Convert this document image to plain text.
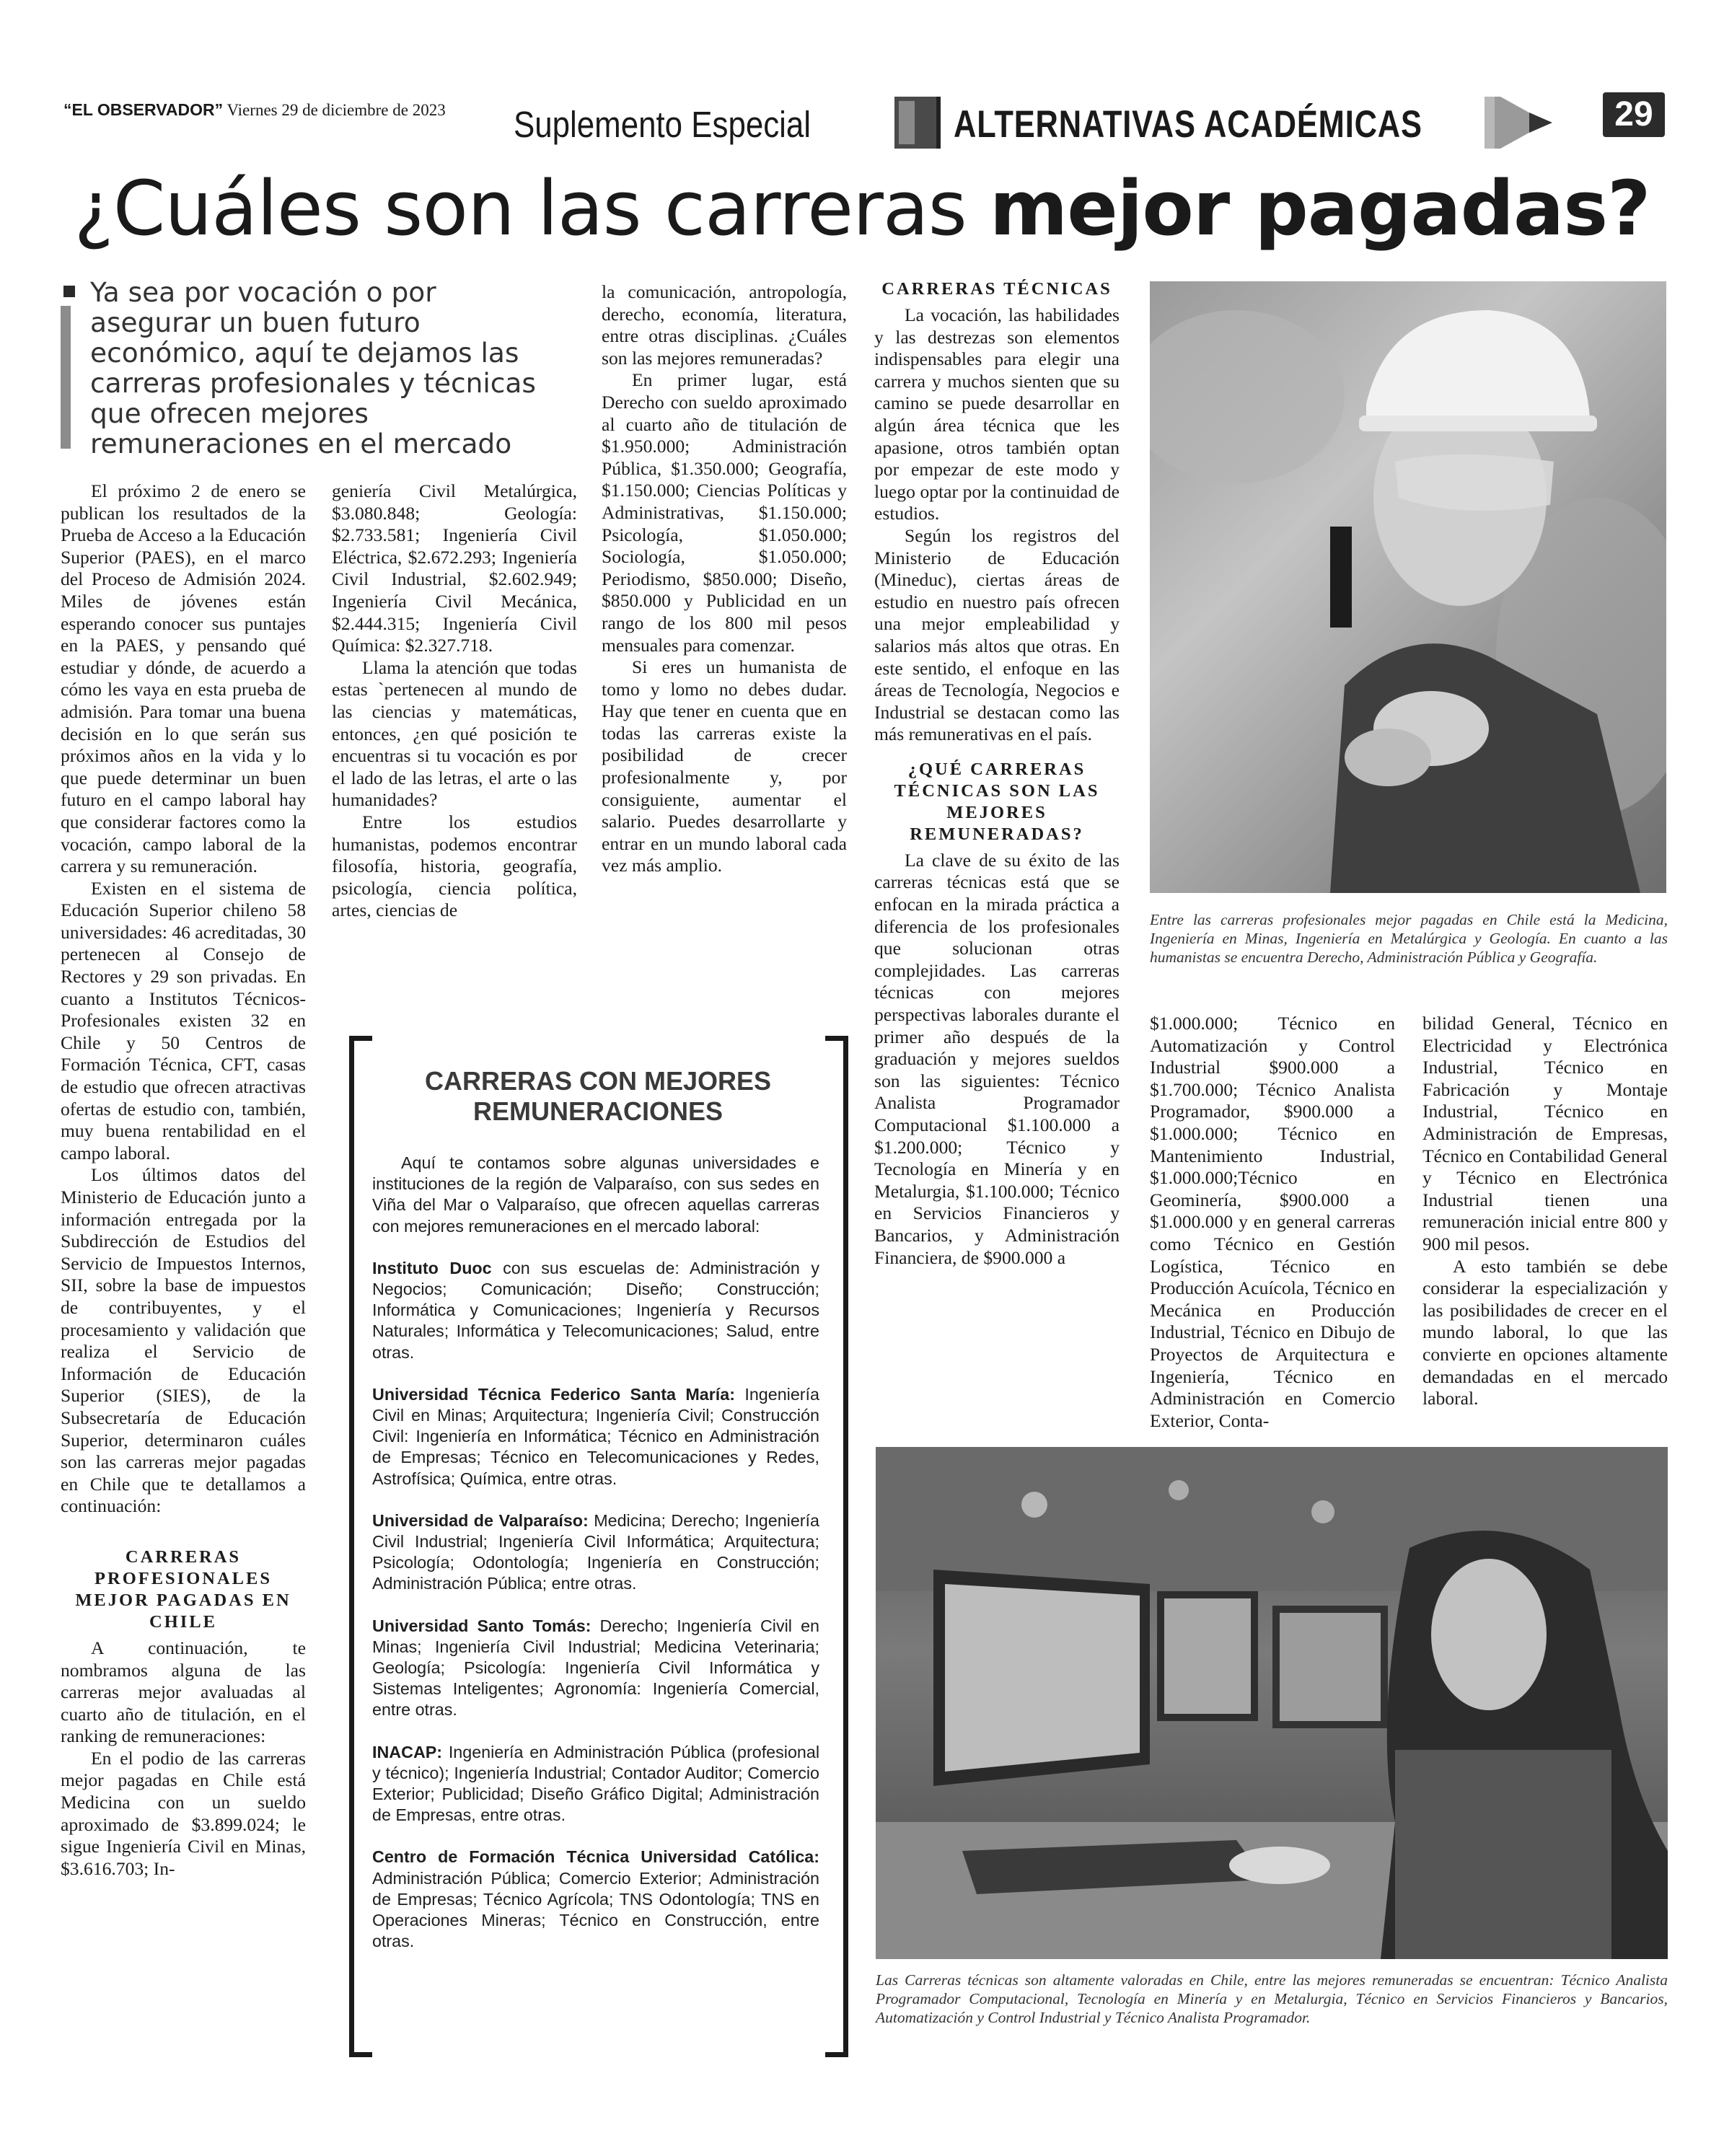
“EL OBSERVADOR” Viernes 29 de diciembre de 2023 Suplemento Especial	ALTERNATIVAS ACADÉMICAS	29
¿Cuáles son las carreras mejor pagadas?
Ya sea por vocación o por asegurar un buen futuro económico, aquí te dejamos las carreras profesionales y técnicas que ofrecen mejores remuneraciones en el mercado

El próximo 2 de enero se publican los resultados de la Prueba de Acceso a la Educación Superior (PAES), en el marco del Proceso de Admisión 2024. Miles de jóvenes están esperando conocer sus puntajes en la PAES, y pensando qué estudiar y dónde, de acuerdo a cómo les vaya en esta prueba de admisión. Para tomar una buena decisión en lo que serán sus próximos años en la vida y lo que puede determinar un buen futuro en el campo laboral hay que considerar factores como la vocación, campo laboral de la carrera y su remuneración.

Existen en el sistema de Educación Superior chileno 58 universidades: 46 acreditadas, 30 pertenecen al Consejo de Rectores y 29 son privadas. En cuanto a Institutos Técnicos- Profesionales existen 32 en Chile y 50 Centros de Formación Técnica, CFT, casas de estudio que ofrecen atractivas ofertas de estudio con, también, muy buena rentabilidad en el campo laboral.

Los últimos datos del Ministerio de Educación junto a información entregada por la Subdirección de Estudios del Servicio de Impuestos Internos, SII, sobre la base de impuestos de contribuyentes, y el procesamiento y validación que realiza el Servicio de Información de Educación Superior (SIES), de la Subsecretaría de Educación Superior, determinaron cuáles son las carreras mejor pagadas en Chile que te detallamos a continuación:

CARRERAS PROFESIONALES MEJOR PAGADAS EN CHILE

A continuación, te nombramos alguna de las carreras mejor avaluadas al cuarto año de titulación, en el ranking de remuneraciones:

En el podio de las carreras mejor pagadas en Chile está Medicina con un sueldo aproximado de $3.899.024; le sigue Ingeniería Civil en Minas, $3.616.703; In-

geniería Civil Metalúrgica, $3.080.848; Geología: $2.733.581; Ingeniería Civil Eléctrica, $2.672.293; Ingeniería Civil Industrial, $2.602.949; Ingeniería Civil Mecánica, $2.444.315; Ingeniería Civil Química: $2.327.718.

Llama la atención que todas estas `pertenecen al mundo de las ciencias y matemáticas, entonces, ¿en qué posición te encuentras si tu vocación es por el lado de las letras, el arte o las humanidades?

Entre los estudios humanistas, podemos encontrar filosofía, historia, geografía, psicología, ciencia política, artes, ciencias de

la comunicación, antropología, derecho, economía, literatura, entre otras disciplinas. ¿Cuáles son las mejores remuneradas?

En primer lugar, está Derecho con sueldo aproximado al cuarto año de titulación de $1.950.000; Administración Pública, $1.350.000; Geografía, $1.150.000; Ciencias Políticas y Administrativas, $1.150.000; Psicología, $1.050.000; Sociología, $1.050.000; Periodismo, $850.000; Diseño, $850.000 y Publicidad en un rango de los 800 mil pesos mensuales para comenzar.

Si eres un humanista de tomo y lomo no debes dudar. Hay que tener en cuenta que en todas las carreras existe la posibilidad de crecer profesionalmente y, por consiguiente, aumentar el salario. Puedes desarrollarte y entrar en un mundo laboral cada vez más amplio.

CARRERAS TÉCNICAS

La vocación, las habilidades y las destrezas son elementos indispensables para elegir una carrera y muchos sienten que su camino se puede desarrollar en algún área técnica que les apasione, otros también optan por empezar de este modo y luego optar por la continuidad de estudios.

Según los registros del Ministerio de Educación (Mineduc), ciertas áreas de estudio en nuestro país ofrecen una mejor empleabilidad y salarios más altos que otras. En este sentido, el enfoque en las áreas de Tecnología, Negocios e Industrial se destacan como las más remunerativas en el país.

¿QUÉ CARRERAS TÉCNICAS SON LAS MEJORES REMUNERADAS?

La clave de su éxito de las carreras técnicas está que se enfocan en la mirada práctica a diferencia de los profesionales que solucionan otras complejidades. Las carreras técnicas con mejores perspectivas laborales durante el primer año después de la graduación y mejores sueldos son las siguientes: Técnico Analista Programador Computacional $1.100.000 a $1.200.000; Técnico y Tecnología en Minería y en Metalurgia, $1.100.000; Técnico en Servicios Financieros y Bancarios, y Administración Financiera, de $900.000 a

Entre las carreras profesionales mejor pagadas en Chile está la Medicina, Ingeniería en Minas, Ingeniería en Metalúrgica y Geología. En cuanto a las humanistas se encuentra Derecho, Administración Pública y Geografía.
CARRERAS CON MEJORES REMUNERACIONES

Aquí te contamos sobre algunas universidades e instituciones de la región de Valparaíso, con sus sedes en Viña del Mar o Valparaíso, que ofrecen aquellas carreras con mejores remuneraciones en el mercado laboral:

Instituto Duoc con sus escuelas de: Administración y Negocios; Comunicación; Diseño; Construcción; Informática y Comunicaciones; Ingeniería y Recursos Naturales; Informática y Telecomunicaciones; Salud, entre otras.

Universidad Técnica Federico Santa María: Ingeniería Civil en Minas; Arquitectura; Ingeniería Civil; Construcción Civil: Ingeniería en Informática; Técnico en Administración de Empresas; Técnico en Telecomunicaciones y Redes, Astrofísica; Química, entre otras.

Universidad de Valparaíso: Medicina; Derecho; Ingeniería Civil Industrial; Ingeniería Civil Informática; Arquitectura; Psicología; Odontología; Ingeniería en Construcción; Administración Pública; entre otras.

Universidad Santo Tomás: Derecho; Ingeniería Civil en Minas; Ingeniería Civil Industrial; Medicina Veterinaria; Geología; Psicología: Ingeniería Civil Informática y Sistemas Inteligentes; Agronomía: Ingeniería Comercial, entre otras.

INACAP: Ingeniería en Administración Pública (profesional y técnico); Ingeniería Industrial; Contador Auditor; Comercio Exterior; Publicidad; Diseño Gráfico Digital; Administración de Empresas, entre otras.

Centro de Formación Técnica Universidad Católica: Administración Pública; Comercio Exterior; Administración de Empresas; Técnico Agrícola; TNS Odontología; TNS en Operaciones Mineras; Técnico en Construcción, entre otras.

$1.000.000; Técnico en Automatización y Control Industrial $900.000 a $1.700.000; Técnico Analista Programador, $900.000 a $1.000.000; Técnico en Mantenimiento Industrial, $1.000.000;Técnico en Geominería, $900.000 a $1.000.000 y en general carreras como Técnico en Gestión Logística, Técnico en Producción Acuícola, Técnico en Mecánica en Producción Industrial, Técnico en Dibujo de Proyectos de Arquitectura e Ingeniería, Técnico en Administración en Comercio Exterior, Conta-

bilidad General, Técnico en Electricidad y Electrónica Industrial, Técnico en Fabricación y Montaje Industrial, Técnico en Administración de Empresas, Técnico en Contabilidad General y Técnico en Electrónica Industrial tienen una remuneración inicial entre 800 y 900 mil pesos.

A esto también se debe considerar la especialización y las posibilidades de crecer en el mundo laboral, lo que las convierte en opciones altamente demandadas en el mercado laboral.

Las Carreras técnicas son altamente valoradas en Chile, entre las mejores remuneradas se encuentran: Técnico Analista Programador Computacional, Tecnología en Minería y en Metalurgia, Técnico en Servicios Financieros y Bancarios, Automatización y Control Industrial y Técnico Analista Programador.
